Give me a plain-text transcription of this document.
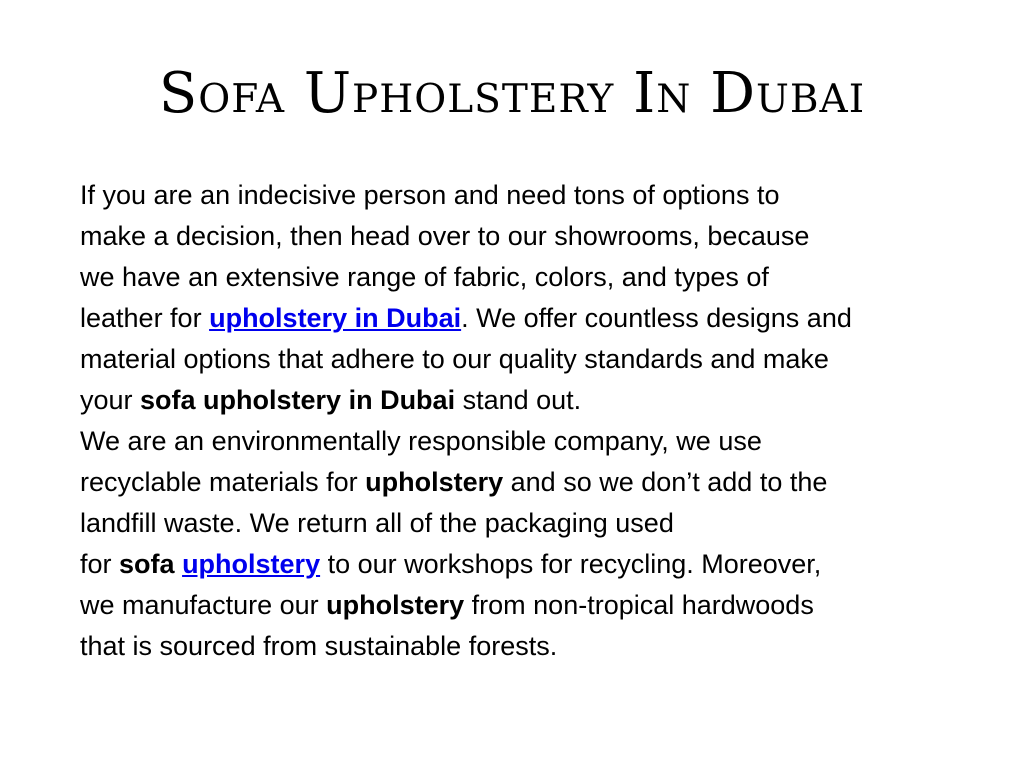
Sofa Upholstery In Dubai
If you are an indecisive person and need tons of options to
make a decision, then head over to our showrooms, because
we have an extensive range of fabric, colors, and types of
leather for upholstery in Dubai. We offer countless designs and
material options that adhere to our quality standards and make
your sofa upholstery in Dubai stand out.
We are an environmentally responsible company, we use
recyclable materials for upholstery and so we don’t add to the
landfill waste. We return all of the packaging used
for sofa upholstery to our workshops for recycling. Moreover,
we manufacture our upholstery from non-tropical hardwoods
that is sourced from sustainable forests.
